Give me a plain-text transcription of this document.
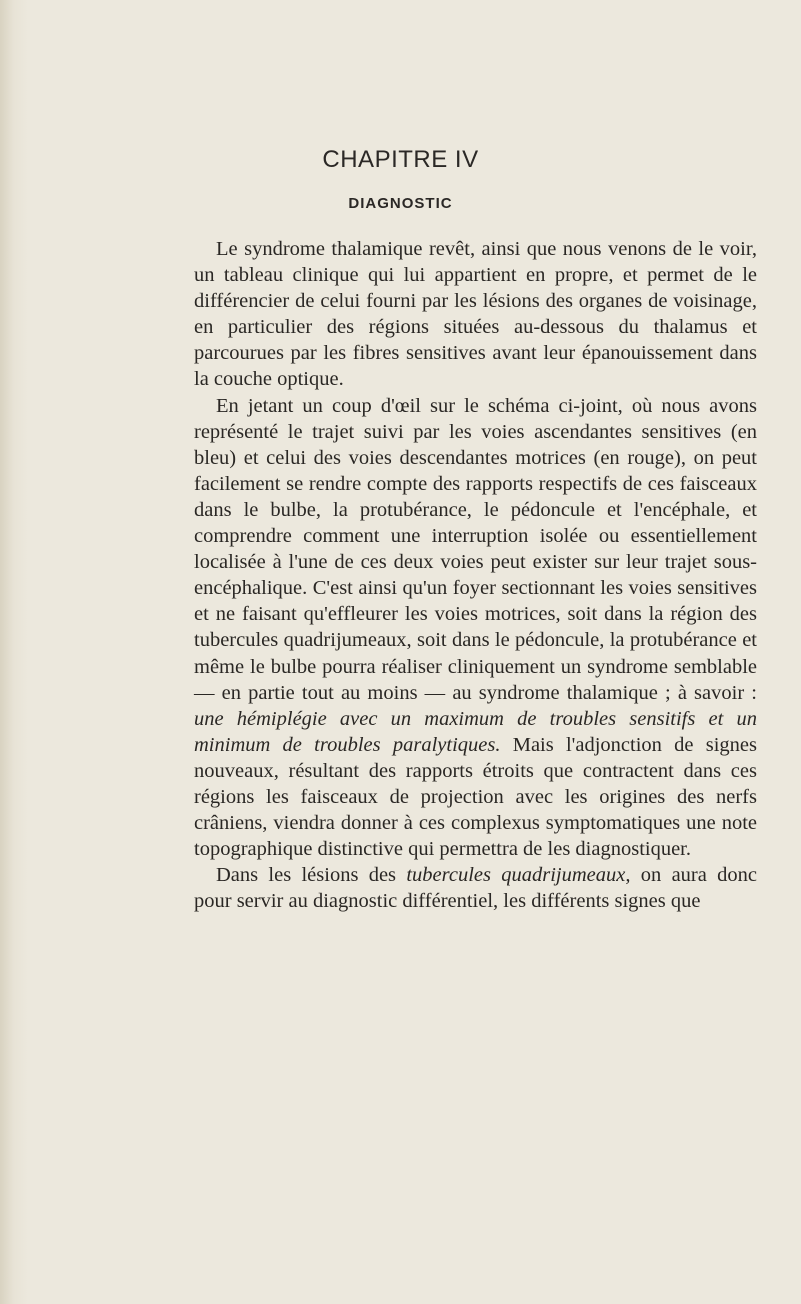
CHAPITRE IV
DIAGNOSTIC

Le syndrome thalamique revêt, ainsi que nous venons de le voir, un tableau clinique qui lui appartient en propre, et permet de le différencier de celui fourni par les lésions des organes de voisinage, en particulier des régions situées au-dessous du thalamus et parcourues par les fibres sensitives avant leur épanouissement dans la couche optique.

En jetant un coup d'œil sur le schéma ci-joint, où nous avons représenté le trajet suivi par les voies ascendantes sensitives (en bleu) et celui des voies descendantes motrices (en rouge), on peut facilement se rendre compte des rapports respectifs de ces faisceaux dans le bulbe, la protubérance, le pédoncule et l'encéphale, et comprendre comment une interruption isolée ou essentiellement localisée à l'une de ces deux voies peut exister sur leur trajet sous-encéphalique. C'est ainsi qu'un foyer sectionnant les voies sensitives et ne faisant qu'effleurer les voies motrices, soit dans la région des tubercules quadrijumeaux, soit dans le pédoncule, la protubérance et même le bulbe pourra réaliser cliniquement un syndrome semblable — en partie tout au moins — au syndrome thalamique ; à savoir : une hémiplégie avec un maximum de troubles sensitifs et un minimum de troubles paralytiques. Mais l'adjonction de signes nouveaux, résultant des rapports étroits que contractent dans ces régions les faisceaux de projection avec les origines des nerfs crâniens, viendra donner à ces complexus symptomatiques une note topographique distinctive qui permettra de les diagnostiquer.

Dans les lésions des tubercules quadrijumeaux, on aura donc pour servir au diagnostic différentiel, les différents signes que
